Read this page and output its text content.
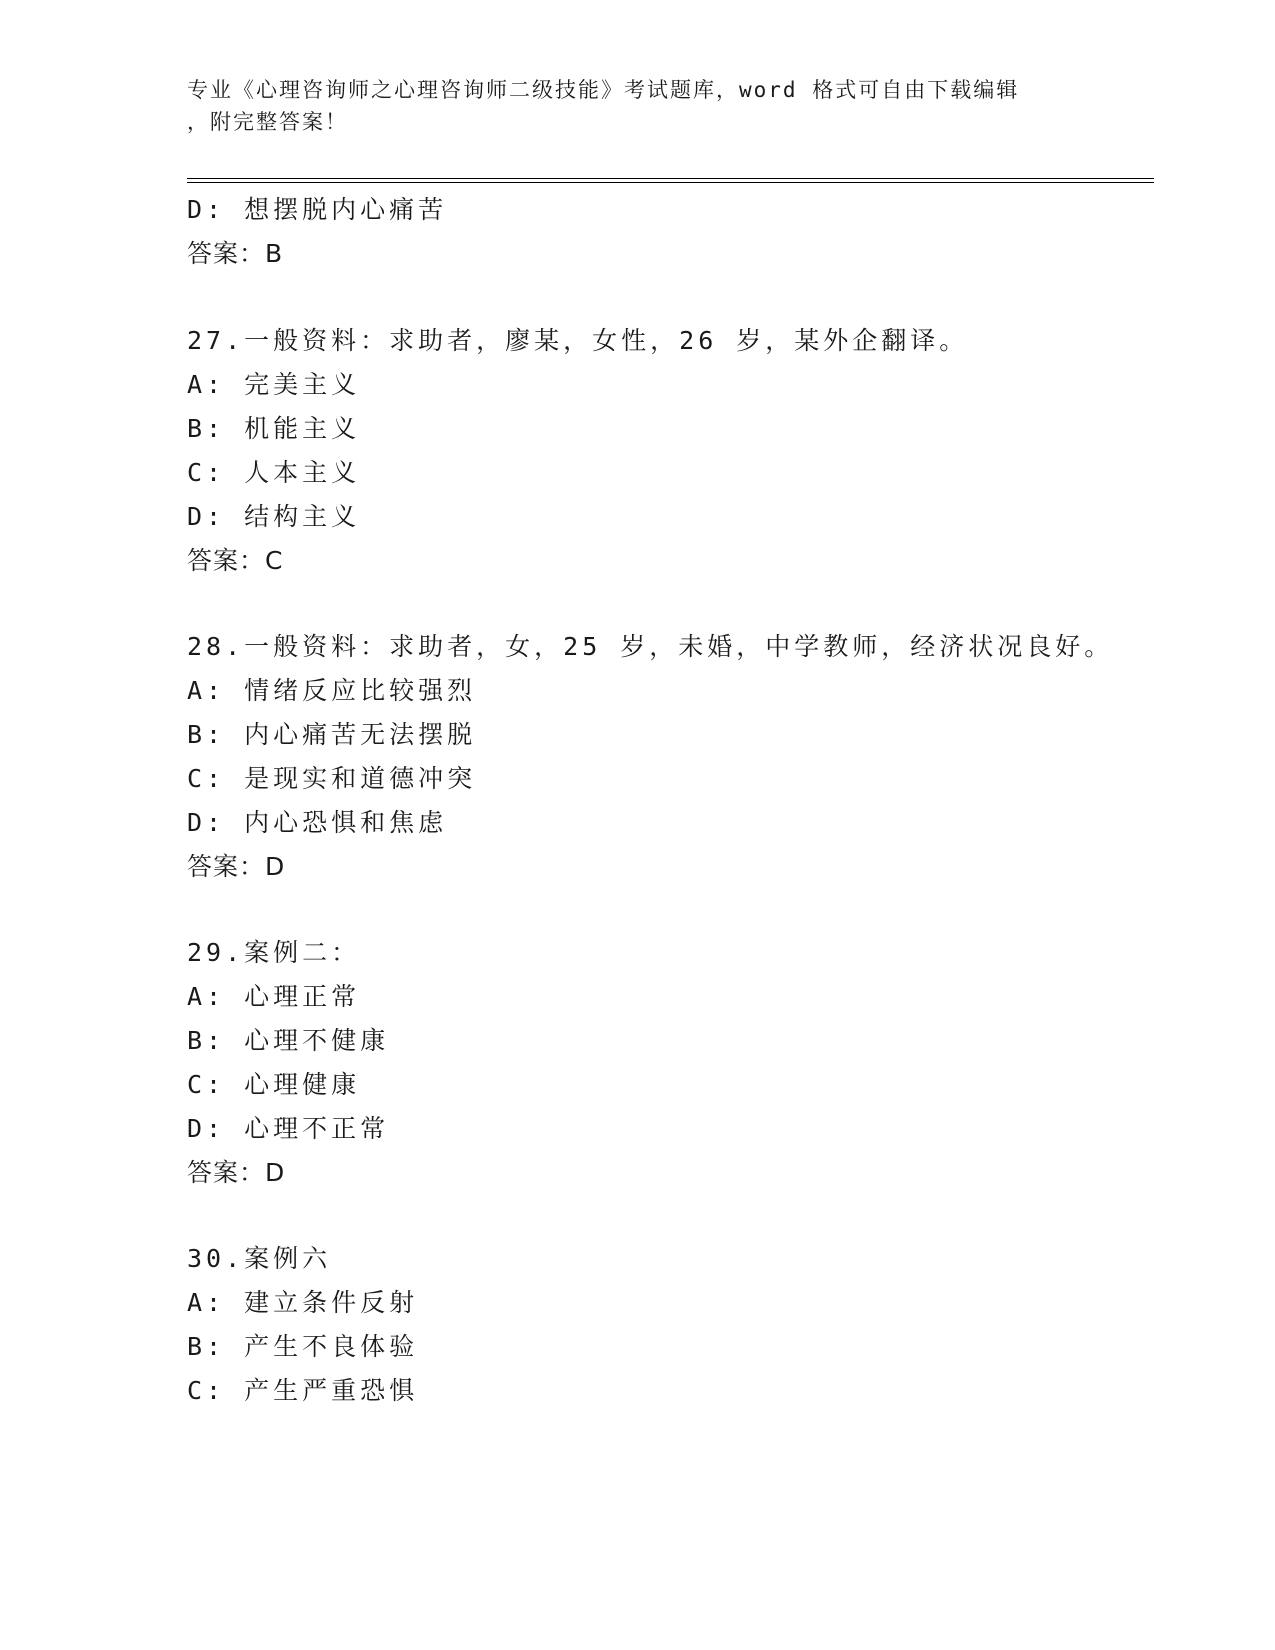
专业《心理咨询师之心理咨询师二级技能》考试题库，word 格式可自由下载编辑
，附完整答案！
D: 想摆脱内心痛苦
答案：B
27.一般资料：求助者，廖某，女性，26 岁，某外企翻译。
A: 完美主义
B: 机能主义
C: 人本主义
D: 结构主义
答案：C
28.一般资料：求助者，女，25 岁，未婚，中学教师，经济状况良好。
A: 情绪反应比较强烈
B: 内心痛苦无法摆脱
C: 是现实和道德冲突
D: 内心恐惧和焦虑
答案：D
29.案例二：
A: 心理正常
B: 心理不健康
C: 心理健康
D: 心理不正常
答案：D
30.案例六
A: 建立条件反射
B: 产生不良体验
C: 产生严重恐惧
